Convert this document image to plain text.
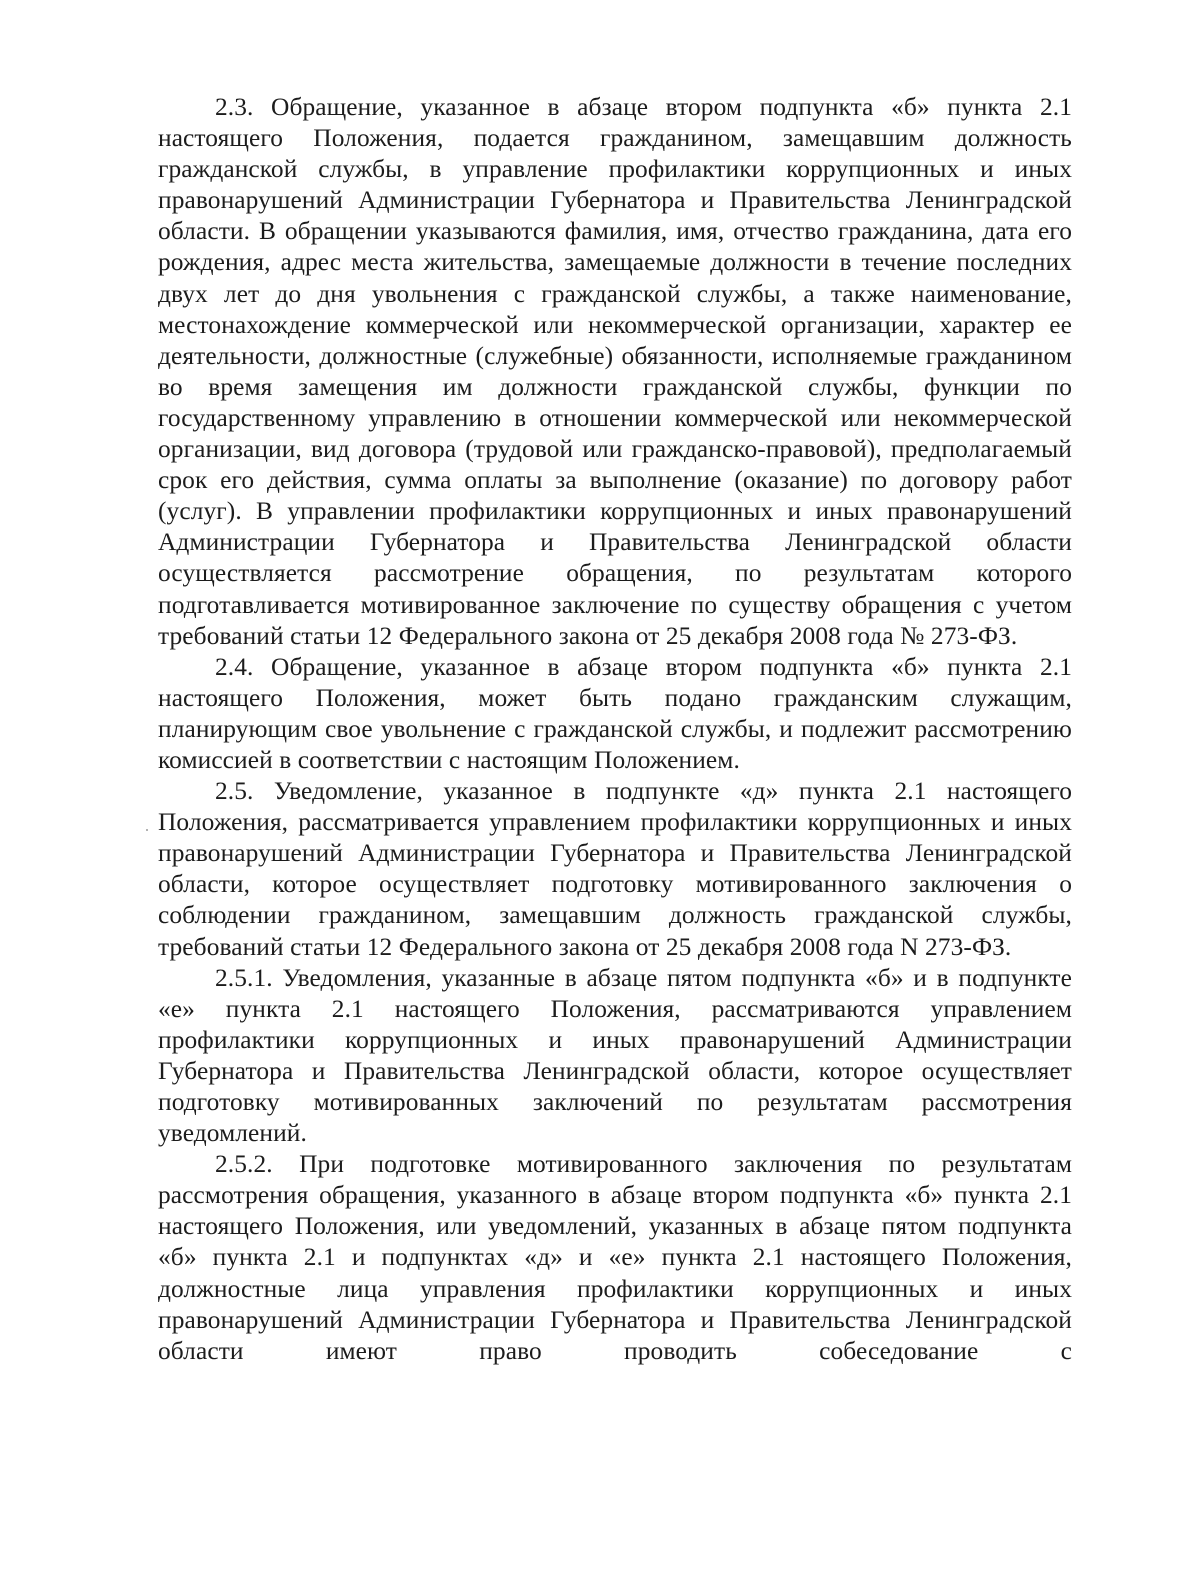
2.3. Обращение, указанное в абзаце втором подпункта «б» пункта 2.1 настоящего Положения, подается гражданином, замещавшим должность гражданской службы, в управление профилактики коррупционных и иных правонарушений Администрации Губернатора и Правительства Ленинградской области. В обращении указываются фамилия, имя, отчество гражданина, дата его рождения, адрес места жительства, замещаемые должности в течение последних двух лет до дня увольнения с гражданской службы, а также наименование, местонахождение коммерческой или некоммерческой организации, характер ее деятельности, должностные (служебные) обязанности, исполняемые гражданином во время замещения им должности гражданской службы, функции по государственному управлению в отношении коммерческой или некоммерческой организации, вид договора (трудовой или гражданско-правовой), предполагаемый срок его действия, сумма оплаты за выполнение (оказание) по договору работ (услуг). В управлении профилактики коррупционных и иных правонарушений Администрации Губернатора и Правительства Ленинградской области осуществляется рассмотрение обращения, по результатам которого подготавливается мотивированное заключение по существу обращения с учетом требований статьи 12 Федерального закона от 25 декабря 2008 года № 273-ФЗ.

2.4. Обращение, указанное в абзаце втором подпункта «б» пункта 2.1 настоящего Положения, может быть подано гражданским служащим, планирующим свое увольнение с гражданской службы, и подлежит рассмотрению комиссией в соответствии с настоящим Положением.

2.5. Уведомление, указанное в подпункте «д» пункта 2.1 настоящего Положения, рассматривается управлением профилактики коррупционных и иных правонарушений Администрации Губернатора и Правительства Ленинградской области, которое осуществляет подготовку мотивированного заключения о соблюдении гражданином, замещавшим должность гражданской службы, требований статьи 12 Федерального закона от 25 декабря 2008 года N 273-ФЗ.

2.5.1. Уведомления, указанные в абзаце пятом подпункта «б» и в подпункте «е» пункта 2.1 настоящего Положения, рассматриваются управлением профилактики коррупционных и иных правонарушений Администрации Губернатора и Правительства Ленинградской области, которое осуществляет подготовку мотивированных заключений по результатам рассмотрения уведомлений.

2.5.2. При подготовке мотивированного заключения по результатам рассмотрения обращения, указанного в абзаце втором подпункта «б» пункта 2.1 настоящего Положения, или уведомлений, указанных в абзаце пятом подпункта «б» пункта 2.1 и подпунктах «д» и «е» пункта 2.1 настоящего Положения, должностные лица управления профилактики коррупционных и иных правонарушений Администрации Губернатора и Правительства Ленинградской области имеют право проводить собеседование с
